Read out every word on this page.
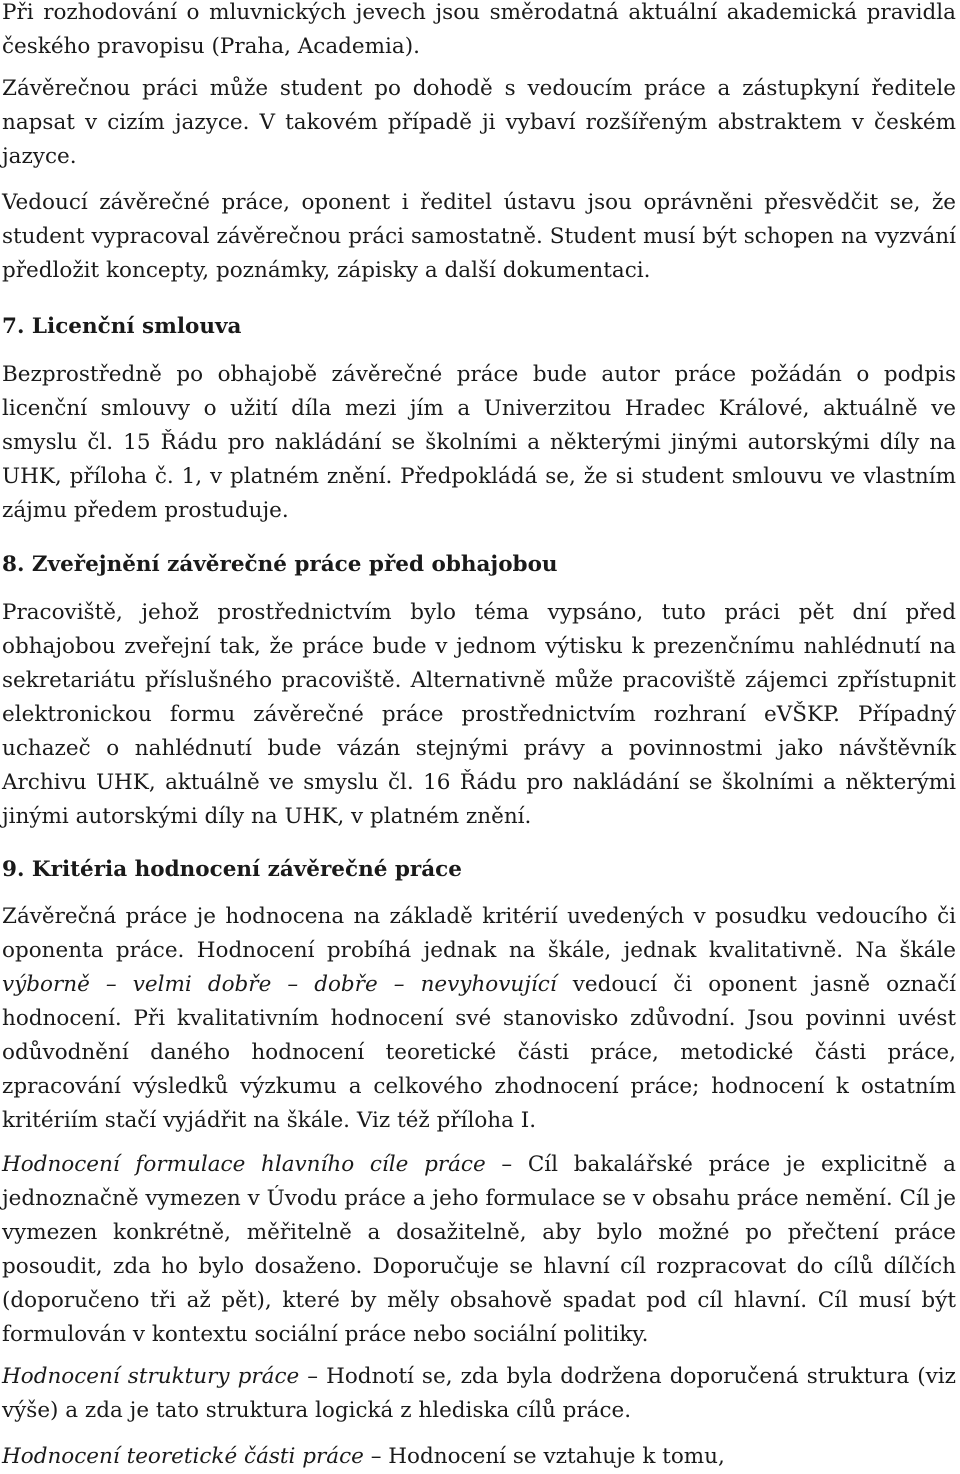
Při rozhodování o mluvnických jevech jsou směrodatná aktuální akademická pravidla českého pravopisu (Praha, Academia).

Závěrečnou práci může student po dohodě s vedoucím práce a zástupkyní ředitele napsat v cizím jazyce. V takovém případě ji vybaví rozšířeným abstraktem v českém jazyce.

Vedoucí závěrečné práce, oponent i ředitel ústavu jsou oprávněni přesvědčit se, že student vypracoval závěrečnou práci samostatně. Student musí být schopen na vyzvání předložit koncepty, poznámky, zápisky a další dokumentaci.

7. Licenční smlouva

Bezprostředně po obhajobě závěrečné práce bude autor práce požádán o podpis licenční smlouvy o užití díla mezi jím a Univerzitou Hradec Králové, aktuálně ve smyslu čl. 15 Řádu pro nakládání se školními a některými jinými autorskými díly na UHK, příloha č. 1, v platném znění. Předpokládá se, že si student smlouvu ve vlastním zájmu předem prostuduje.

8. Zveřejnění závěrečné práce před obhajobou

Pracoviště, jehož prostřednictvím bylo téma vypsáno, tuto práci pět dní před obhajobou zveřejní tak, že práce bude v jednom výtisku k prezenčnímu nahlédnutí na sekretariátu příslušného pracoviště. Alternativně může pracoviště zájemci zpřístupnit elektronickou formu závěrečné práce prostřednictvím rozhraní eVŠKP. Případný uchazeč o nahlédnutí bude vázán stejnými právy a povinnostmi jako návštěvník Archivu UHK, aktuálně ve smyslu čl. 16 Řádu pro nakládání se školními a některými jinými autorskými díly na UHK, v platném znění.

9. Kritéria hodnocení závěrečné práce

Závěrečná práce je hodnocena na základě kritérií uvedených v posudku vedoucího či oponenta práce. Hodnocení probíhá jednak na škále, jednak kvalitativně. Na škále výborně – velmi dobře – dobře – nevyhovující vedoucí či oponent jasně označí hodnocení. Při kvalitativním hodnocení své stanovisko zdůvodní. Jsou povinni uvést odůvodnění daného hodnocení teoretické části práce, metodické části práce, zpracování výsledků výzkumu a celkového zhodnocení práce; hodnocení k ostatním kritériím stačí vyjádřit na škále. Viz též příloha I.

Hodnocení formulace hlavního cíle práce – Cíl bakalářské práce je explicitně a jednoznačně vymezen v Úvodu práce a jeho formulace se v obsahu práce nemění. Cíl je vymezen konkrétně, měřitelně a dosažitelně, aby bylo možné po přečtení práce posoudit, zda ho bylo dosaženo. Doporučuje se hlavní cíl rozpracovat do cílů dílčích (doporučeno tři až pět), které by měly obsahově spadat pod cíl hlavní. Cíl musí být formulován v kontextu sociální práce nebo sociální politiky.

Hodnocení struktury práce – Hodnotí se, zda byla dodržena doporučená struktura (viz výše) a zda je tato struktura logická z hlediska cílů práce.

Hodnocení teoretické části práce – Hodnocení se vztahuje k tomu,
